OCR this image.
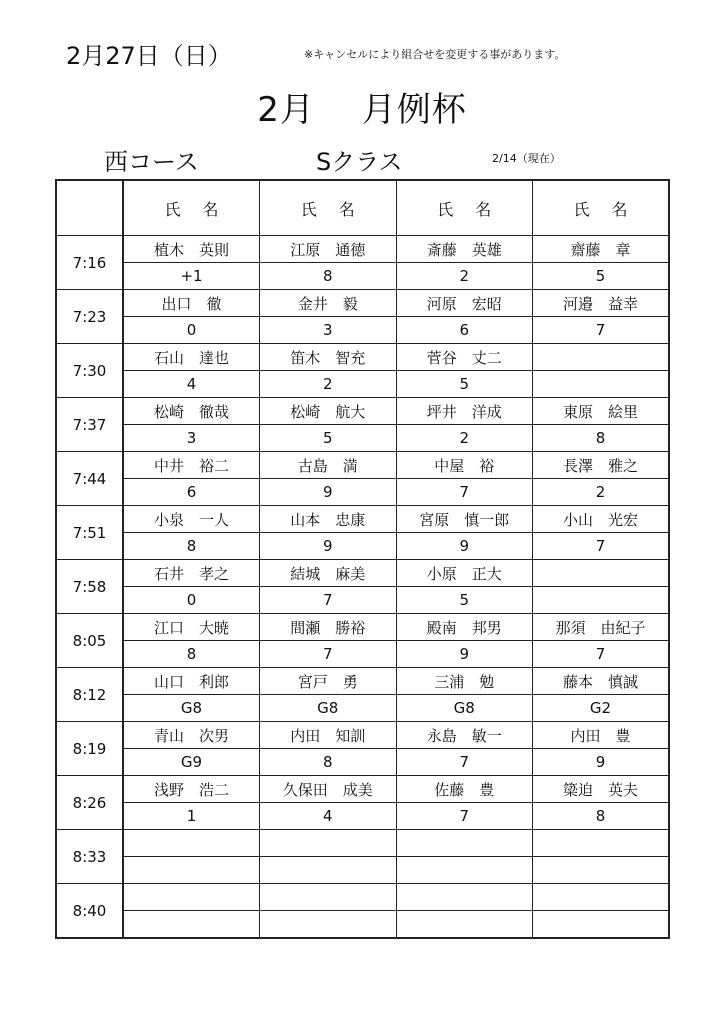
2月27日（日）	※キャンセルにより組合せを変更する事があります。
2月　 月例杯
西コース	Sクラス	2/14（現在）
	氏 名	氏 名	氏 名	氏 名
7:16	植木　英則	江原　通徳	斎藤　英雄	齋藤　章
	+1	8	2	5
7:23	出口　徹	金井　毅	河原　宏昭	河邉　益幸
	0	3	6	7
7:30	石山　達也	笛木　智充	菅谷　丈二	
	4	2	5	
7:37	松崎　徹哉	松崎　航大	坪井　洋成	東原　絵里
	3	5	2	8
7:44	中井　裕二	古島　満	中屋　裕	長澤　雅之
	6	9	7	2
7:51	小泉　一人	山本　忠康	宮原　慎一郎	小山　光宏
	8	9	9	7
7:58	石井　孝之	結城　麻美	小原　正大	
	0	7	5	
8:05	江口　大暁	間瀬　勝裕	殿南　邦男	那須　由紀子
	8	7	9	7
8:12	山口　利郎	宮戸　勇	三浦　勉	藤本　慎誠
	G8	G8	G8	G2
8:19	青山　次男	内田　知訓	永島　敏一	内田　豊
	G9	8	7	9
8:26	浅野　浩二	久保田　成美	佐藤　豊	簗迫　英夫
	1	4	7	8
8:33				

8:40				
